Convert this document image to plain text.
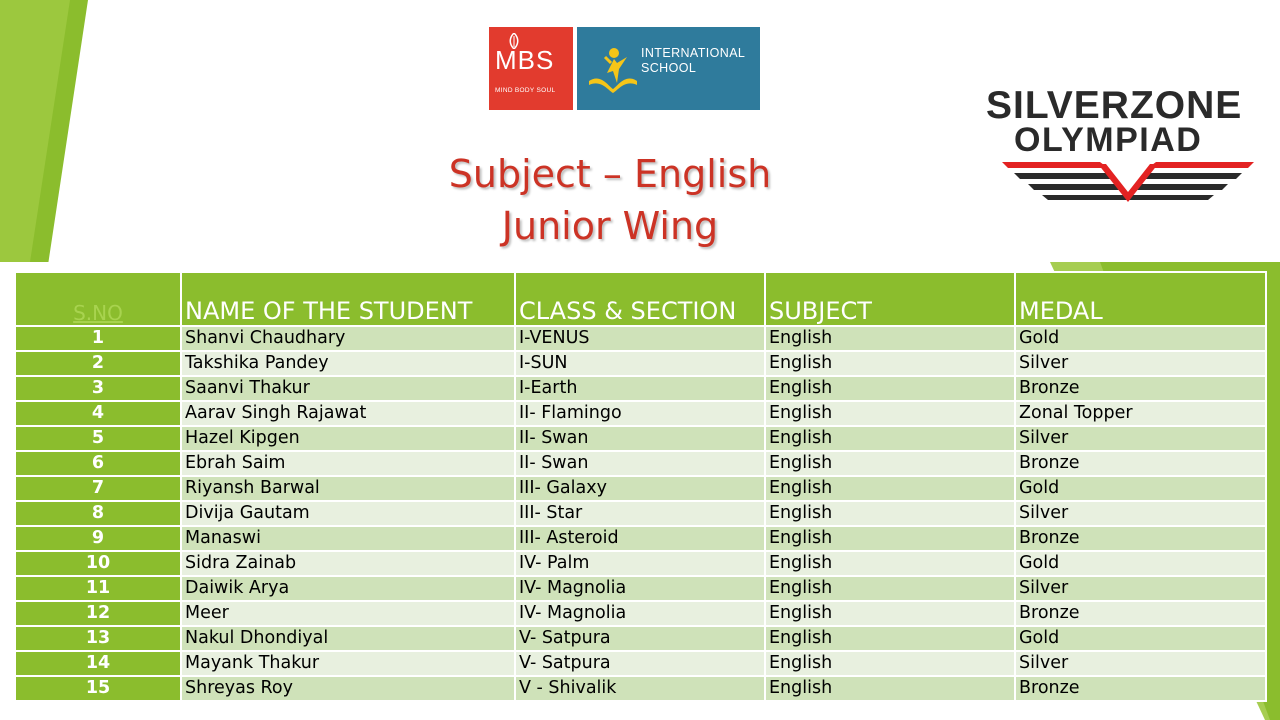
MBS
MIND BODY SOUL
INTERNATIONAL
SCHOOL
SILVERZONE
OLYMPIAD
Subject – English
Junior Wing
S.NO	NAME OF THE STUDENT	CLASS & SECTION	SUBJECT	MEDAL
1	Shanvi Chaudhary	I-VENUS	English	Gold
2	Takshika Pandey	I-SUN	English	Silver
3	Saanvi Thakur	I-Earth	English	Bronze
4	Aarav Singh Rajawat	II- Flamingo	English	Zonal Topper
5	Hazel Kipgen	II- Swan	English	Silver
6	Ebrah Saim	II- Swan	English	Bronze
7	Riyansh Barwal	III- Galaxy	English	Gold
8	Divija Gautam	III- Star	English	Silver
9	Manaswi	III- Asteroid	English	Bronze
10	Sidra Zainab	IV- Palm	English	Gold
11	Daiwik Arya	IV- Magnolia	English	Silver
12	Meer	IV- Magnolia	English	Bronze
13	Nakul Dhondiyal	V- Satpura	English	Gold
14	Mayank Thakur	V- Satpura	English	Silver
15	Shreyas Roy	V - Shivalik	English	Bronze
